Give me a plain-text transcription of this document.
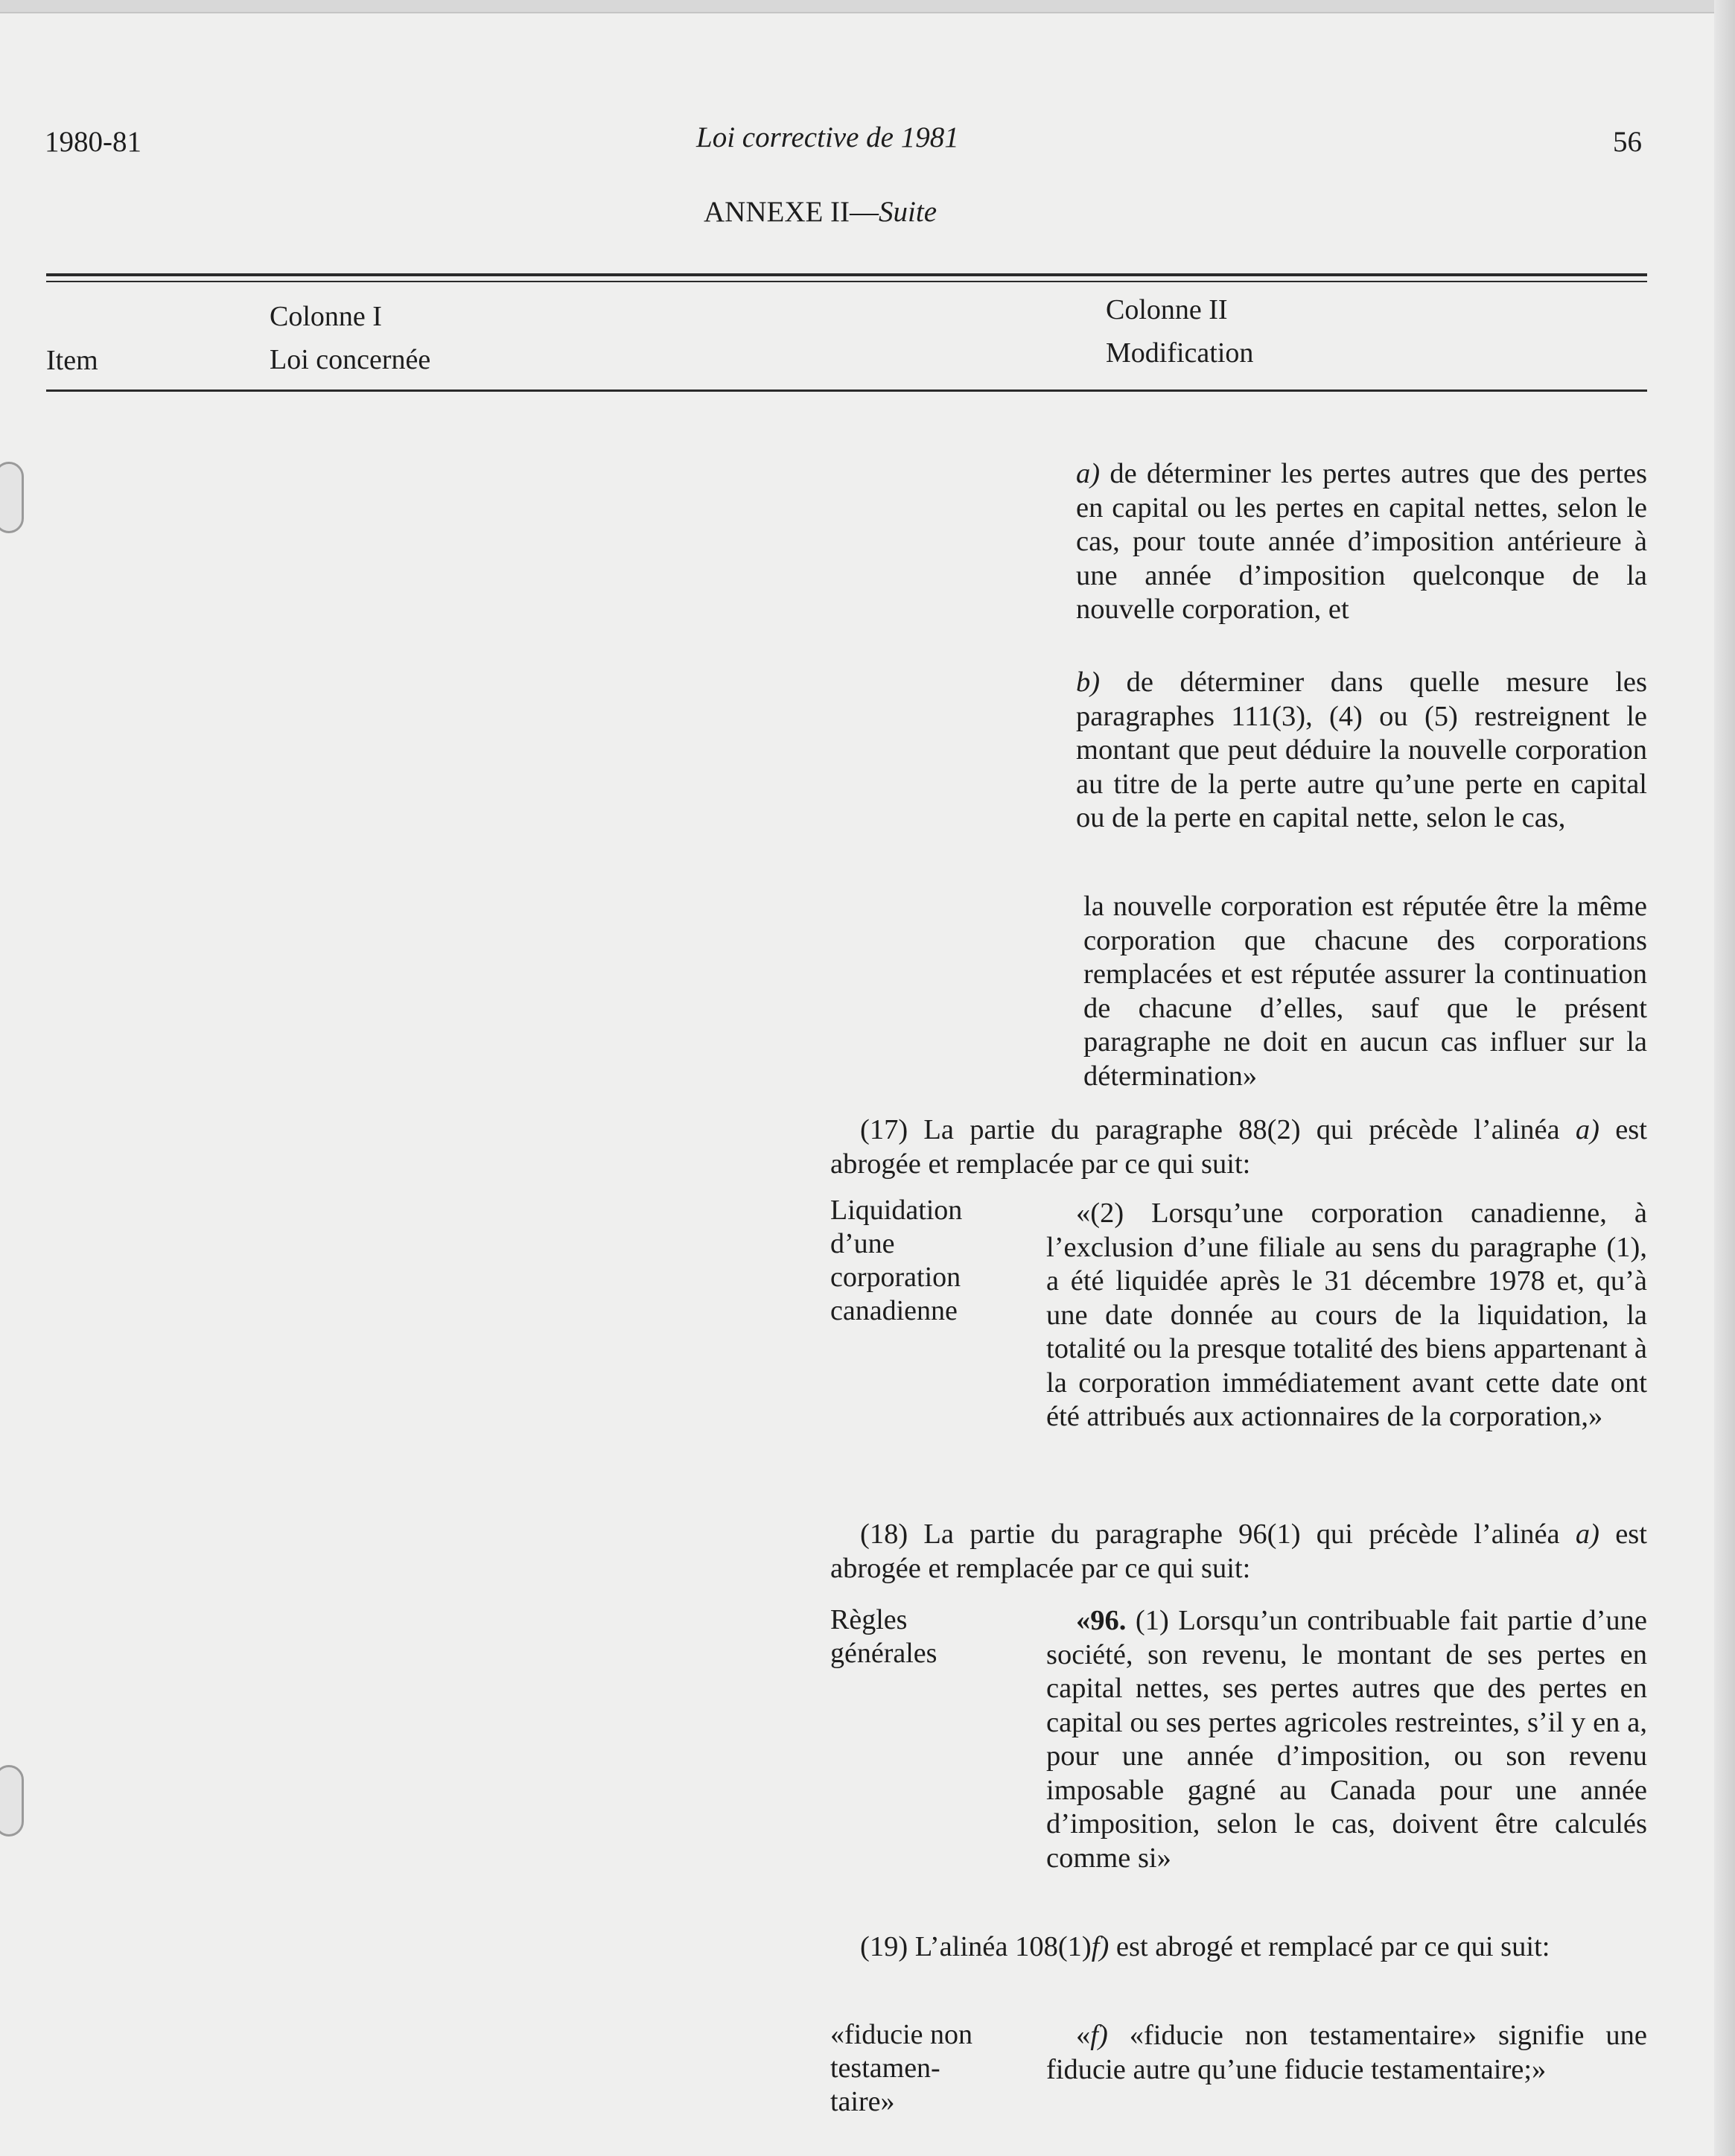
1980-81	Loi corrective de 1981	56
ANNEXE II—Suite
Item
Colonne I
Loi concernée
Colonne II
Modification

a) de déterminer les pertes autres que des pertes en capital ou les pertes en capital nettes, selon le cas, pour toute année d’imposition antérieure à une année d’imposition quelconque de la nouvelle corporation, et

b) de déterminer dans quelle mesure les paragraphes 111(3), (4) ou (5) restreignent le montant que peut déduire la nouvelle corporation au titre de la perte autre qu’une perte en capital ou de la perte en capital nette, selon le cas,

la nouvelle corporation est réputée être la même corporation que chacune des corporations remplacées et est réputée assurer la continuation de chacune d’elles, sauf que le présent paragraphe ne doit en aucun cas influer sur la détermination»

(17) La partie du paragraphe 88(2) qui précède l’alinéa a) est abrogée et remplacée par ce qui suit:

Liquidation
d’une
corporation
canadienne

«(2) Lorsqu’une corporation canadienne, à l’exclusion d’une filiale au sens du paragraphe (1), a été liquidée après le 31 décembre 1978 et, qu’à une date donnée au cours de la liquidation, la totalité ou la presque totalité des biens appartenant à la corporation immédiatement avant cette date ont été attribués aux actionnaires de la corporation,»

(18) La partie du paragraphe 96(1) qui précède l’alinéa a) est abrogée et remplacée par ce qui suit:

Règles
générales

«96. (1) Lorsqu’un contribuable fait partie d’une société, son revenu, le montant de ses pertes en capital nettes, ses pertes autres que des pertes en capital ou ses pertes agricoles restreintes, s’il y en a, pour une année d’imposition, ou son revenu imposable gagné au Canada pour une année d’imposition, selon le cas, doivent être calculés comme si»

(19) L’alinéa 108(1)f) est abrogé et remplacé par ce qui suit:

«fiducie non
testamen-
taire»

«f) «fiducie non testamentaire» signifie une fiducie autre qu’une fiducie testamentaire;»
